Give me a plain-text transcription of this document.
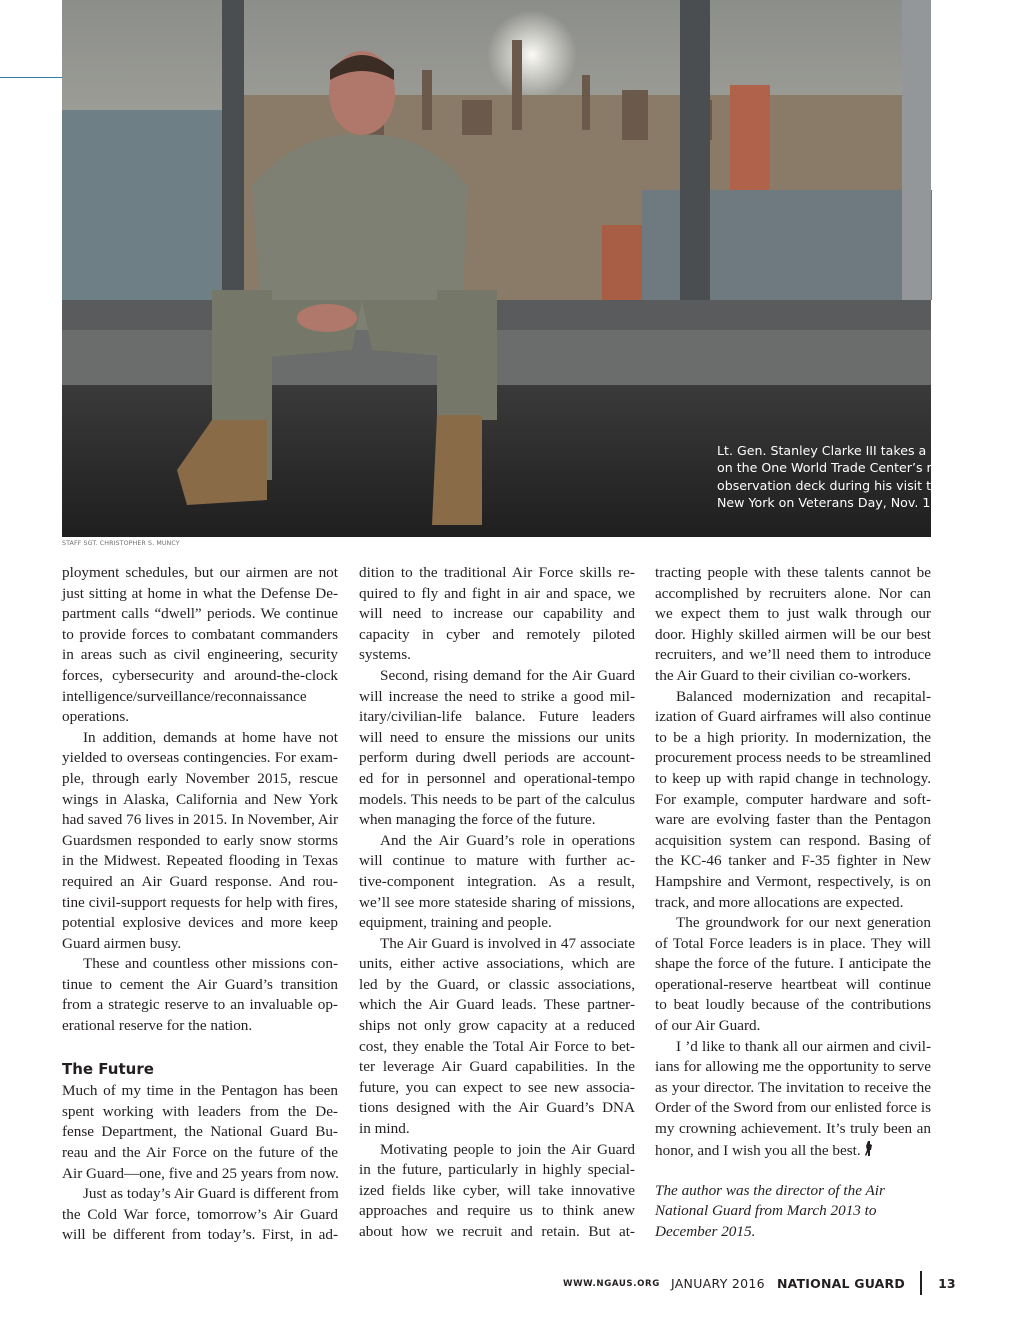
Lt. Gen. Stanley Clarke III takes a break
on the One World Trade Center’s new
observation deck during his visit to
New York on Veterans Day, Nov. 11.
STAFF SGT. CHRISTOPHER S. MUNCY
ployment schedules, but our airmen are not
just sitting at home in what the Defense De-
partment calls “dwell” periods. We continue
to provide forces to combatant commanders
in areas such as civil engineering, security
forces, cybersecurity and around-the-clock
intelligence/surveillance/reconnaissance
operations.
In addition, demands at home have not
yielded to overseas contingencies. For exam-
ple, through early November 2015, rescue
wings in Alaska, California and New York
had saved 76 lives in 2015. In November, Air
Guardsmen responded to early snow storms
in the Midwest. Repeated flooding in Texas
required an Air Guard response. And rou-
tine civil-support requests for help with fires,
potential explosive devices and more keep
Guard airmen busy.
These and countless other missions con-
tinue to cement the Air Guard’s transition
from a strategic reserve to an invaluable op-
erational reserve for the nation.
The Future
Much of my time in the Pentagon has been
spent working with leaders from the De-
fense Department, the National Guard Bu-
reau and the Air Force on the future of the
Air Guard—one, five and 25 years from now.
Just as today’s Air Guard is different from
the Cold War force, tomorrow’s Air Guard
will be different from today’s. First, in ad-
dition to the traditional Air Force skills re-
quired to fly and fight in air and space, we
will need to increase our capability and
capacity in cyber and remotely piloted
systems.
Second, rising demand for the Air Guard
will increase the need to strike a good mil-
itary/civilian-life balance. Future leaders
will need to ensure the missions our units
perform during dwell periods are account-
ed for in personnel and operational-tempo
models. This needs to be part of the calculus
when managing the force of the future.
And the Air Guard’s role in operations
will continue to mature with further ac-
tive-component integration. As a result,
we’ll see more stateside sharing of missions,
equipment, training and people.
The Air Guard is involved in 47 associate
units, either active associations, which are
led by the Guard, or classic associations,
which the Air Guard leads. These partner-
ships not only grow capacity at a reduced
cost, they enable the Total Air Force to bet-
ter leverage Air Guard capabilities. In the
future, you can expect to see new associa-
tions designed with the Air Guard’s DNA
in mind.
Motivating people to join the Air Guard
in the future, particularly in highly special-
ized fields like cyber, will take innovative
approaches and require us to think anew
about how we recruit and retain. But at-
tracting people with these talents cannot be
accomplished by recruiters alone. Nor can
we expect them to just walk through our
door. Highly skilled airmen will be our best
recruiters, and we’ll need them to introduce
the Air Guard to their civilian co-workers.
Balanced modernization and recapital-
ization of Guard airframes will also continue
to be a high priority. In modernization, the
procurement process needs to be streamlined
to keep up with rapid change in technology.
For example, computer hardware and soft-
ware are evolving faster than the Pentagon
acquisition system can respond. Basing of
the KC-46 tanker and F-35 fighter in New
Hampshire and Vermont, respectively, is on
track, and more allocations are expected.
The groundwork for our next generation
of Total Force leaders is in place. They will
shape the force of the future. I anticipate the
operational-reserve heartbeat will continue
to beat loudly because of the contributions
of our Air Guard.
I ’d like to thank all our airmen and civil-
ians for allowing me the opportunity to serve
as your director. The invitation to receive the
Order of the Sword from our enlisted force is
my crowning achievement. It’s truly been an
honor, and I wish you all the best.
The author was the director of the Air
National Guard from March 2013 to
December 2015.
WWW.NGAUS.ORG JANUARY 2016 NATIONAL GUARD	13
